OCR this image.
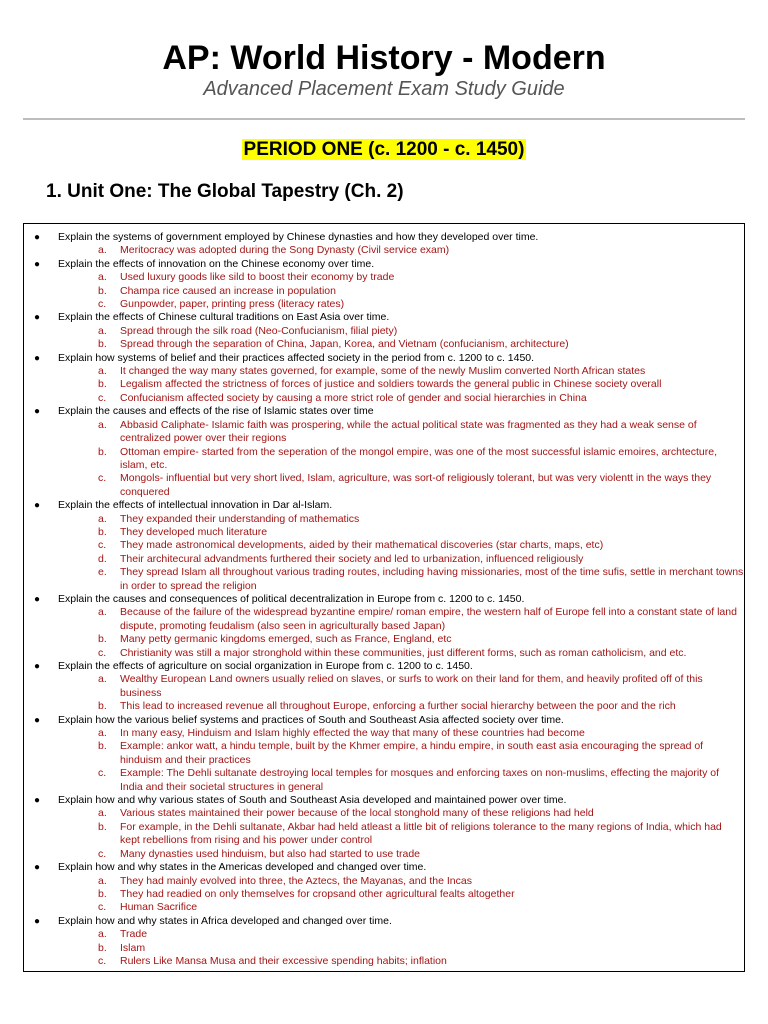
AP: World History - Modern
Advanced Placement Exam Study Guide
PERIOD ONE (c. 1200 - c. 1450)
1. Unit One: The Global Tapestry (Ch. 2)
● Explain the systems of government employed by Chinese dynasties and how they developed over time.
a. Meritocracy was adopted during the Song Dynasty (Civil service exam)
● Explain the effects of innovation on the Chinese economy over time.
a. Used luxury goods like sild to boost their economy by trade
b. Champa rice caused an increase in population
c. Gunpowder, paper, printing press (literacy rates)
● Explain the effects of Chinese cultural traditions on East Asia over time.
a. Spread through the silk road (Neo-Confucianism, filial piety)
b. Spread through the separation of China, Japan, Korea, and Vietnam (confucianism, architecture)
● Explain how systems of belief and their practices affected society in the period from c. 1200 to c. 1450.
a. It changed the way many states governed, for example, some of the newly Muslim converted North African states
b. Legalism affected the strictness of forces of justice and soldiers towards the general public in Chinese society overall
c. Confucianism affected society by causing a more strict role of gender and social hierarchies in China
● Explain the causes and effects of the rise of Islamic states over time
a. Abbasid Caliphate- Islamic faith was prospering, while the actual political state was fragmented as they had a weak sense of centralized power over their regions
b. Ottoman empire- started from the seperation of the mongol empire, was one of the most successful islamic emoires, archtecture, islam, etc.
c. Mongols- influential but very short lived, Islam, agriculture, was sort-of religiously tolerant, but was very violentt in the ways they conquered
● Explain the effects of intellectual innovation in Dar al-Islam.
a. They expanded their understanding of mathematics
b. They developed much literature
c. They made astronomical developments, aided by their mathematical discoveries (star charts, maps, etc)
d. Their architecural advandments furthered their society and led to urbanization, influenced religiously
e. They spread Islam all throughout various trading routes, including having missionaries, most of the time sufis, settle in merchant towns in order to spread the religion
● Explain the causes and consequences of political decentralization in Europe from c. 1200 to c. 1450.
a. Because of the failure of the widespread byzantine empire/ roman empire, the western half of Europe fell into a constant state of land dispute, promoting feudalism (also seen in agriculturally based Japan)
b. Many petty germanic kingdoms emerged, such as France, England, etc
c. Christianity was still a major stronghold within these communities, just different forms, such as roman catholicism, and etc.
● Explain the effects of agriculture on social organization in Europe from c. 1200 to c. 1450.
a. Wealthy European Land owners usually relied on slaves, or surfs to work on their land for them, and heavily profited off of this business
b. This lead to increased revenue all throughout Europe, enforcing a further social hierarchy between the poor and the rich
● Explain how the various belief systems and practices of South and Southeast Asia affected society over time.
a. In many easy, Hinduism and Islam highly effected the way that many of these countries had become
b. Example: ankor watt, a hindu temple, built by the Khmer empire, a hindu empire, in south east asia encouraging the spread of hinduism and their practices
c. Example: The Dehli sultanate destroying local temples for mosques and enforcing taxes on non-muslims, effecting the majority of India and their societal structures in general
● Explain how and why various states of South and Southeast Asia developed and maintained power over time.
a. Various states maintained their power because of the local stonghold many of these religions had held
b. For example, in the Dehli sultanate, Akbar had held atleast a little bit of religions tolerance to the many regions of India, which had kept rebellions from rising and his power under control
c. Many dynasties used hinduism, but also had started to use trade
● Explain how and why states in the Americas developed and changed over time.
a. They had mainly evolved into three, the Aztecs, the Mayanas, and the Incas
b. They had readied on only themselves for cropsand other agricultural fealts altogether
c. Human Sacrifice
● Explain how and why states in Africa developed and changed over time.
a. Trade
b. Islam
c. Rulers Like Mansa Musa and their excessive spending habits; inflation
